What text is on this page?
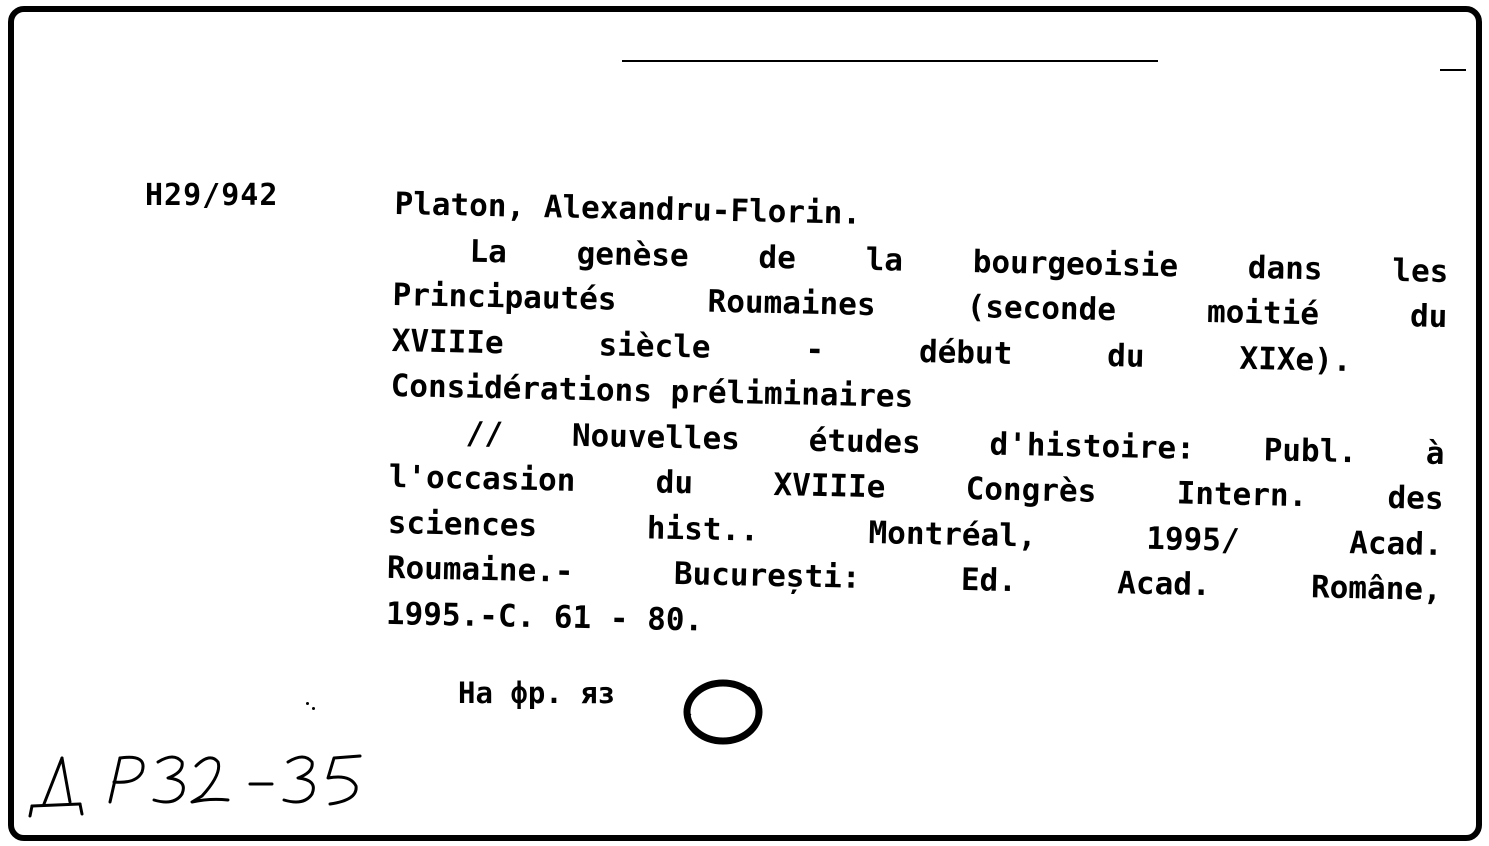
H29/942	Platon, Alexandru-Florin.
La genèse de la bourgeoisie dans les
Principautés Roumaines (seconde moitié du
XVIIIe siècle - début du XIXe).
Considérations préliminaires
// Nouvelles études d'histoire: Publ. à
l'occasion du XVIIIe Congrès Intern. des
sciences hist.. Montréal, 1995/ Acad.
Roumaine.- București: Ed. Acad. Române,
1995.-C. 61 - 80.
На фр. яз
